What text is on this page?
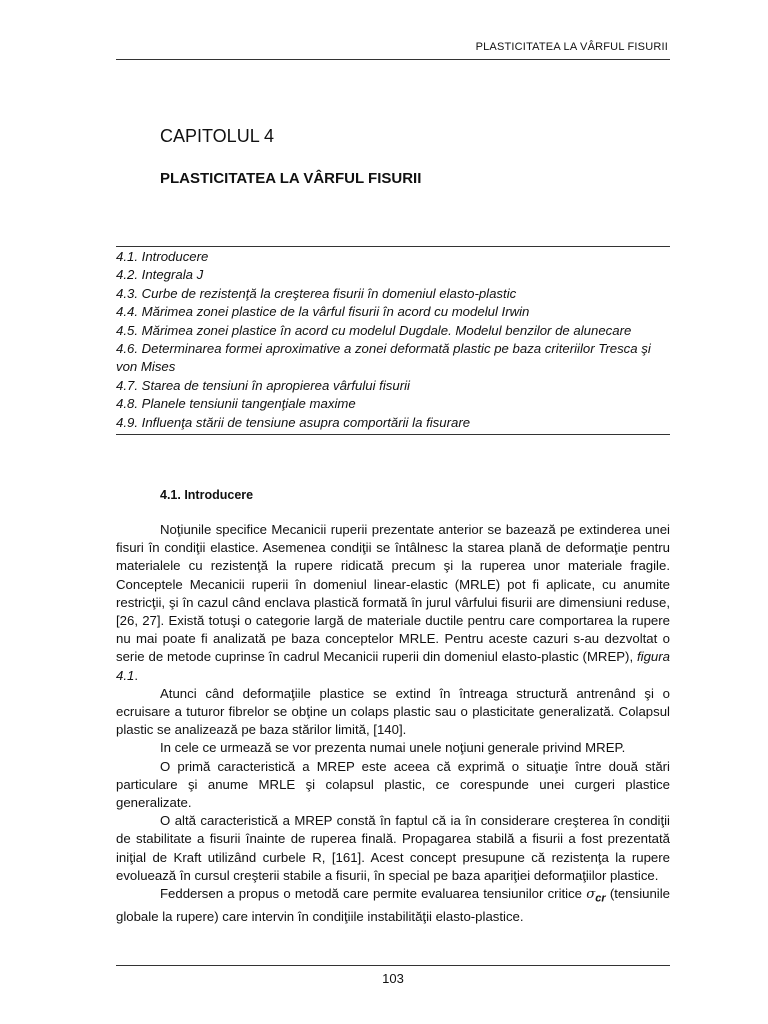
PLASTICITATEA LA VÂRFUL FISURII
CAPITOLUL 4
PLASTICITATEA LA VÂRFUL FISURII

4.1. Introducere

4.2. Integrala J

4.3. Curbe de rezistenţă la creşterea fisurii în domeniul elasto-plastic

4.4. Mărimea zonei plastice de la vârful fisurii în acord cu modelul Irwin

4.5. Mărimea zonei plastice în acord cu modelul Dugdale. Modelul benzilor de alunecare

4.6. Determinarea formei aproximative a zonei deformată plastic pe baza criteriilor Tresca şi von Mises

4.7. Starea de tensiuni în apropierea vârfului fisurii

4.8. Planele tensiunii tangenţiale maxime

4.9. Influenţa stării de tensiune asupra comportării la fisurare

4.1. Introducere

Noţiunile specifice Mecanicii ruperii prezentate anterior se bazează pe extinderea unei fisuri în condiţii elastice. Asemenea condiţii se întâlnesc la starea plană de deformaţie pentru materialele cu rezistenţă la rupere ridicată precum şi la ruperea unor materiale fragile. Conceptele Mecanicii ruperii în domeniul linear-elastic (MRLE) pot fi aplicate, cu anumite restricţii, şi în cazul când enclava plastică formată în jurul vârfului fisurii are dimensiuni reduse, [26, 27]. Există totuşi o categorie largă de materiale ductile pentru care comportarea la rupere nu mai poate fi analizată pe baza conceptelor MRLE. Pentru aceste cazuri s-au dezvoltat o serie de metode cuprinse în cadrul Mecanicii ruperii din domeniul elasto-plastic (MREP), figura 4.1.

Atunci când deformaţiile plastice se extind în întreaga structură antrenând şi o ecruisare a tuturor fibrelor se obţine un colaps plastic sau o plasticitate generalizată. Colapsul plastic se analizează pe baza stărilor limită, [140].

In cele ce urmează se vor prezenta numai unele noţiuni generale privind MREP.

O primă caracteristică a MREP este aceea că exprimă o situaţie între două stări particulare şi anume MRLE şi colapsul plastic, ce corespunde unei curgeri plastice generalizate.

O altă caracteristică a MREP constă în faptul că ia în considerare creşterea în condiţii de stabilitate a fisurii înainte de ruperea finală. Propagarea stabilă a fisurii a fost prezentată iniţial de Kraft utilizând curbele R, [161]. Acest concept presupune că rezistenţa la rupere evoluează în cursul creşterii stabile a fisurii, în special pe baza apariţiei deformaţiilor plastice.

Feddersen a propus o metodă care permite evaluarea tensiunilor critice $\sigma_{cr}$ (tensiunile globale la rupere) care intervin în condiţiile instabilităţii elasto-plastice.

103
